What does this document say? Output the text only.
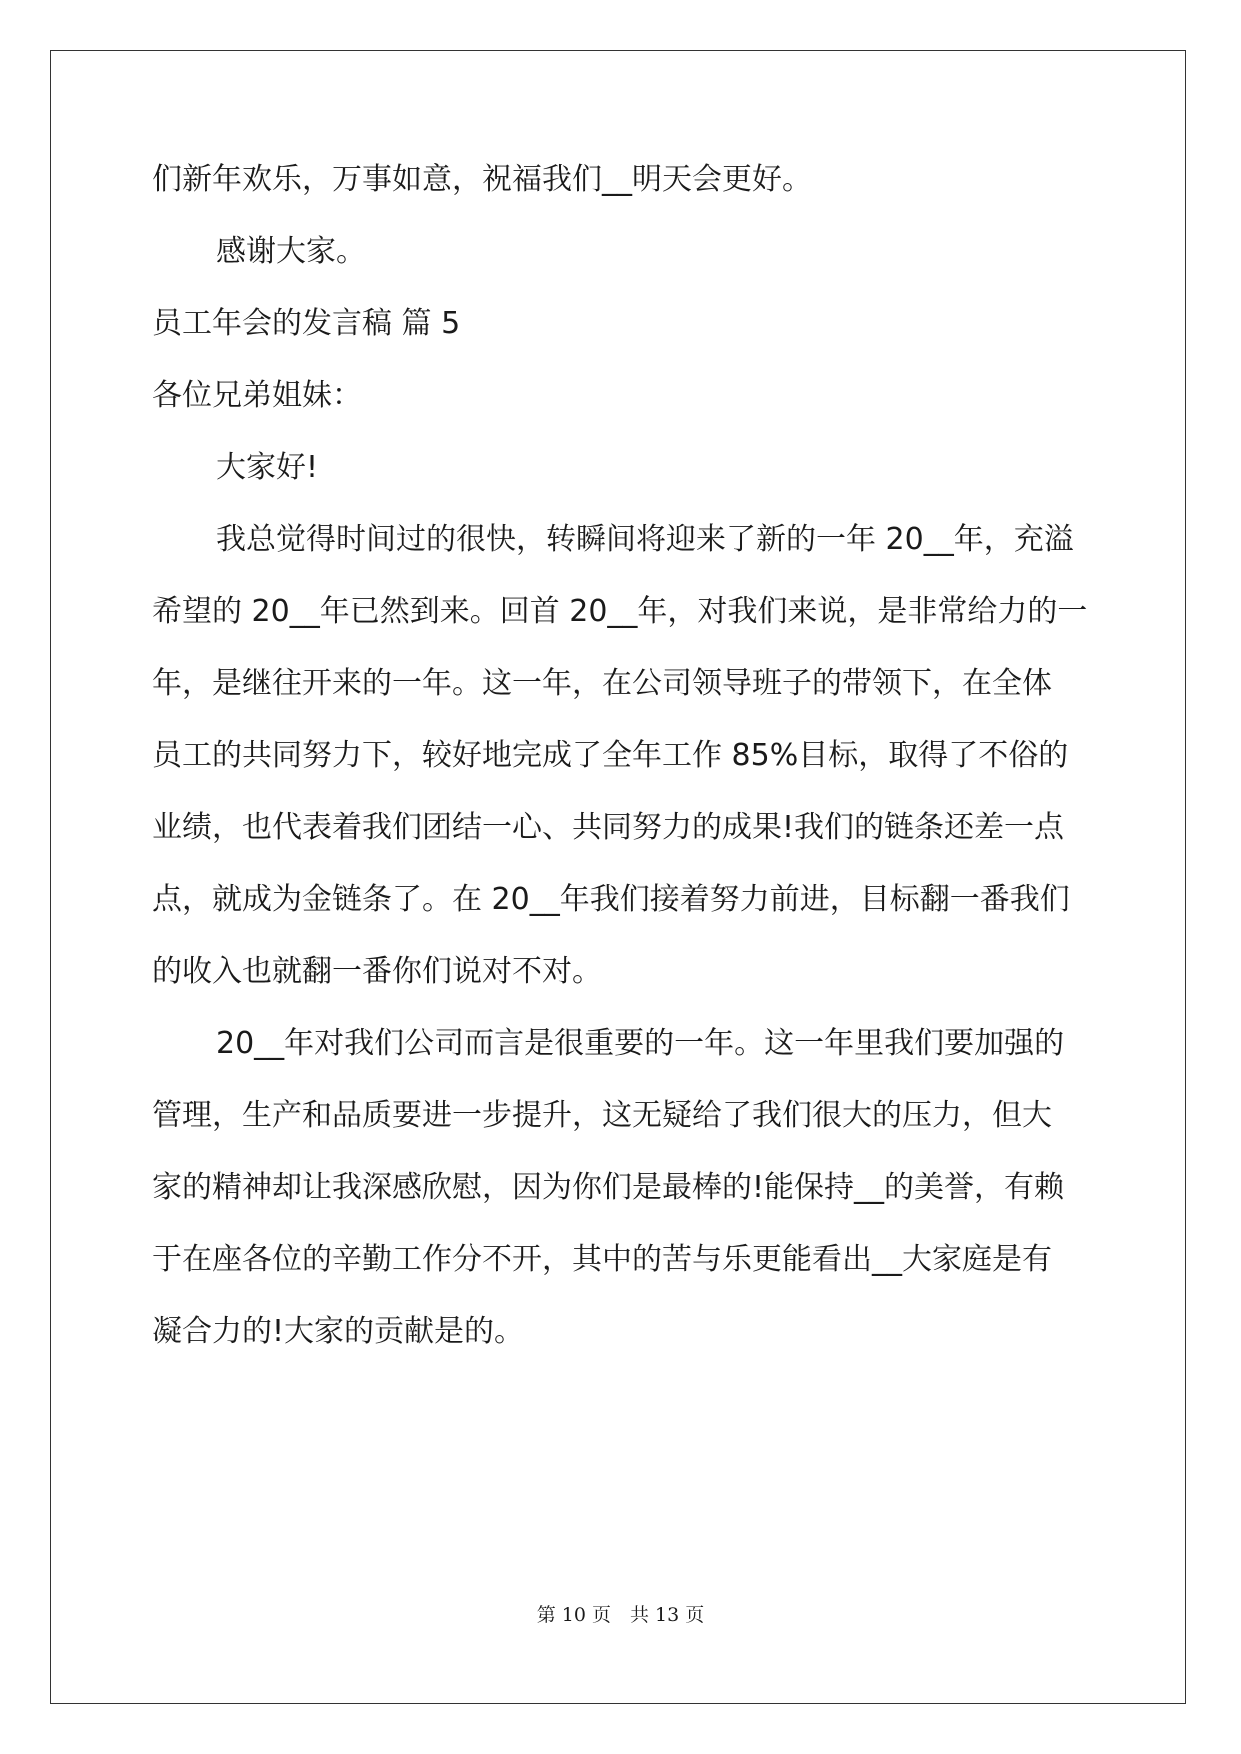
们新年欢乐，万事如意，祝福我们__明天会更好。
感谢大家。
员工年会的发言稿 篇 5
各位兄弟姐妹：
大家好!
我总觉得时间过的很快，转瞬间将迎来了新的一年 20__年，充溢
希望的 20__年已然到来。回首 20__年，对我们来说，是非常给力的一
年，是继往开来的一年。这一年，在公司领导班子的带领下，在全体
员工的共同努力下，较好地完成了全年工作 85%目标，取得了不俗的
业绩，也代表着我们团结一心、共同努力的成果!我们的链条还差一点
点，就成为金链条了。在 20__年我们接着努力前进，目标翻一番我们
的收入也就翻一番你们说对不对。
20__年对我们公司而言是很重要的一年。这一年里我们要加强的
管理，生产和品质要进一步提升，这无疑给了我们很大的压力，但大
家的精神却让我深感欣慰，因为你们是最棒的!能保持__的美誉，有赖
于在座各位的辛勤工作分不开，其中的苦与乐更能看出__大家庭是有
凝合力的!大家的贡献是的。
第 10 页　共 13 页
